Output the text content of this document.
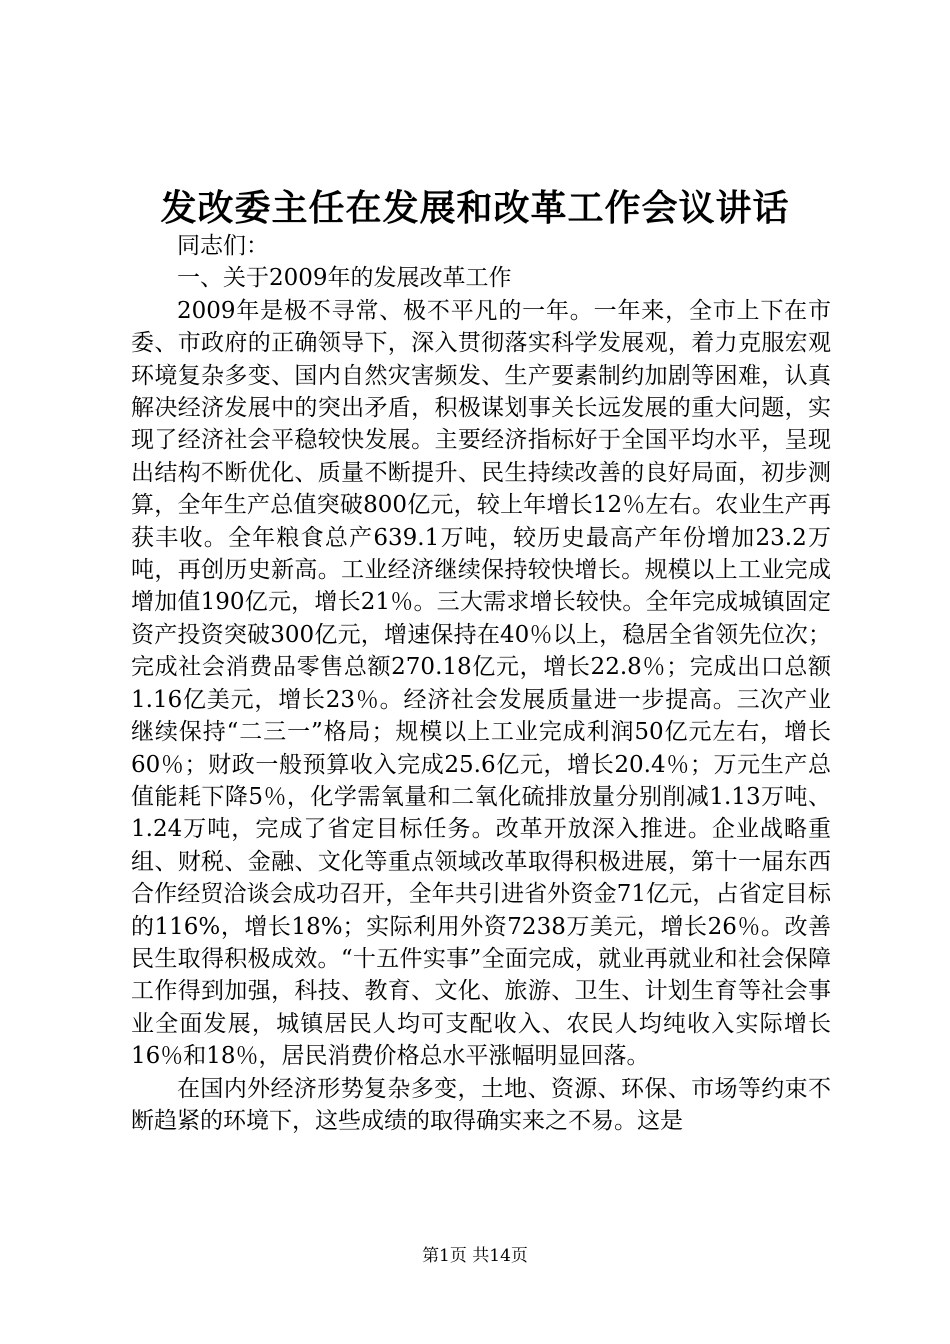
发改委主任在发展和改革工作会议讲话

同志们：

一、关于2009年的发展改革工作

2009年是极不寻常、极不平凡的一年。一年来，全市上下在市委、市政府的正确领导下，深入贯彻落实科学发展观，着力克服宏观环境复杂多变、国内自然灾害频发、生产要素制约加剧等困难，认真解决经济发展中的突出矛盾，积极谋划事关长远发展的重大问题，实现了经济社会平稳较快发展。主要经济指标好于全国平均水平，呈现出结构不断优化、质量不断提升、民生持续改善的良好局面，初步测算，全年生产总值突破800亿元，较上年增长12％左右。农业生产再获丰收。全年粮食总产639.1万吨，较历史最高产年份增加23.2万吨，再创历史新高。工业经济继续保持较快增长。规模以上工业完成增加值190亿元，增长21％。三大需求增长较快。全年完成城镇固定资产投资突破300亿元，增速保持在40％以上，稳居全省领先位次；完成社会消费品零售总额270.18亿元，增长22.8％；完成出口总额1.16亿美元，增长23％。经济社会发展质量进一步提高。三次产业继续保持“二三一”格局；规模以上工业完成利润50亿元左右，增长60％；财政一般预算收入完成25.6亿元，增长20.4％；万元生产总值能耗下降5％，化学需氧量和二氧化硫排放量分别削减1.13万吨、1.24万吨，完成了省定目标任务。改革开放深入推进。企业战略重组、财税、金融、文化等重点领域改革取得积极进展，第十一届东西合作经贸洽谈会成功召开，全年共引进省外资金71亿元，占省定目标的116%，增长18%；实际利用外资7238万美元，增长26％。改善民生取得积极成效。“十五件实事”全面完成，就业再就业和社会保障工作得到加强，科技、教育、文化、旅游、卫生、计划生育等社会事业全面发展，城镇居民人均可支配收入、农民人均纯收入实际增长16％和18％，居民消费价格总水平涨幅明显回落。

在国内外经济形势复杂多变，土地、资源、环保、市场等约束不断趋紧的环境下，这些成绩的取得确实来之不易。这是

第1页 共14页
